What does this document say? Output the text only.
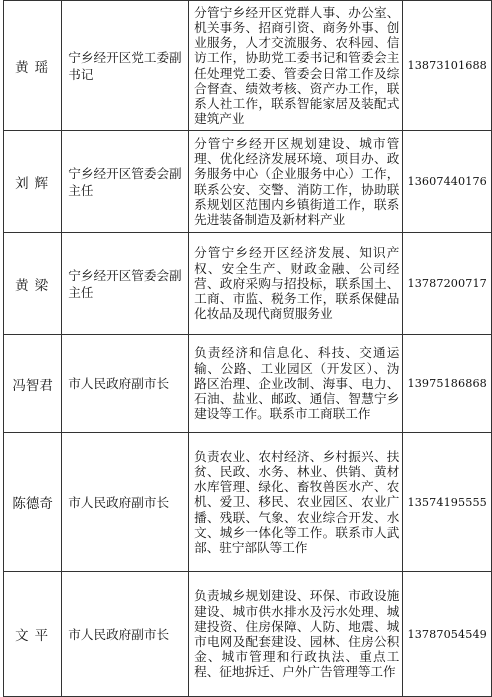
黄瑶	宁乡经开区党工委副书记	分管宁乡经开区党群人事、办公室、机关事务、招商引资、商务外事、创业服务，人才交流服务、农科园、信访工作，协助党工委书记和管委会主任处理党工委、管委会日常工作及综合督查、绩效考核、资产办工作，联系人社工作，联系智能家居及装配式建筑产业	13873101688
刘辉	宁乡经开区管委会副主任	分管宁乡经开区规划建设、城市管理、优化经济发展环境、项目办、政务服务中心（企业服务中心）工作，联系公安、交警、消防工作，协助联系规划区范围内乡镇街道工作，联系先进装备制造及新材料产业	13607440176
黄梁	宁乡经开区管委会副主任	分管宁乡经开区经济发展、知识产权、安全生产、财政金融、公司经营、政府采购与招投标，联系国土、工商、市监、税务工作，联系保健品化妆品及现代商贸服务业	13787200717
冯智君	市人民政府副市长	负责经济和信息化、科技、交通运输、公路、工业园区（开发区）、沩路区治理、企业改制、海事、电力、石油、盐业、邮政、通信、智慧宁乡建设等工作。联系市工商联工作	13975186868
陈德奇	市人民政府副市长	负责农业、农村经济、乡村振兴、扶贫、民政、水务、林业、供销、黄材水库管理、绿化、畜牧兽医水产、农机、爱卫、移民、农业园区、农业广播、残联、气象、农业综合开发、水文、城乡一体化等工作。联系市人武部、驻宁部队等工作	13574195555
文平	市人民政府副市长	负责城乡规划建设、环保、市政设施建设、城市供水排水及污水处理、城建投资、住房保障、人防、地震、城市电网及配套建设、园林、住房公积金、城市管理和行政执法、重点工程、征地拆迁、户外广告管理等工作	13787054549
